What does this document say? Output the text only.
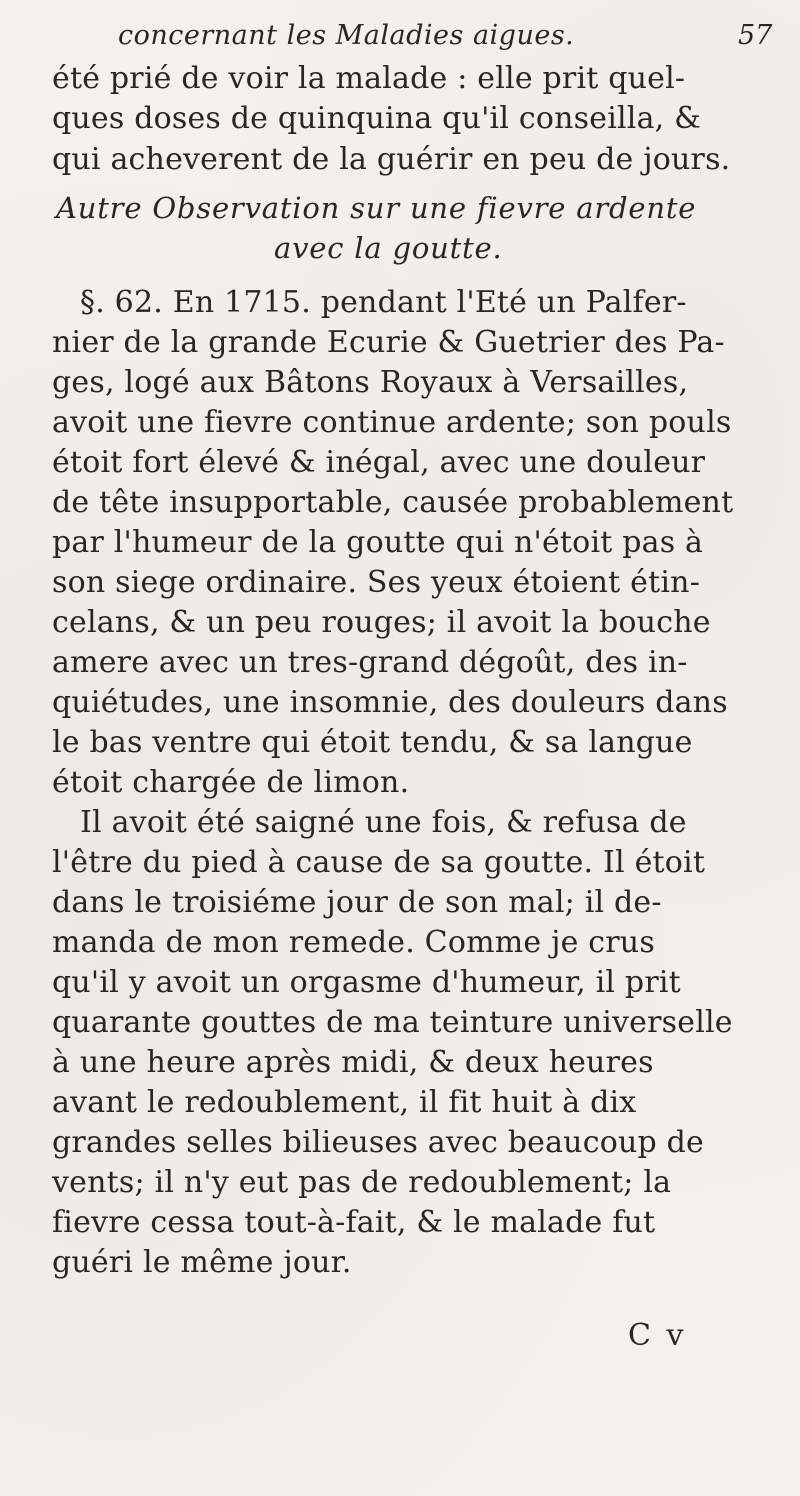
concernant les Maladies aigues.	57
été prié de voir la malade : elle prit quel-
ques doses de quinquina qu'il conseilla, &
qui acheverent de la guérir en peu de jours.
Autre Observation sur une fievre ardente
avec la goutte.
§. 62. En 1715. pendant l'Eté un Palfer-
nier de la grande Ecurie & Guetrier des Pa-
ges, logé aux Bâtons Royaux à Versailles,
avoit une fievre continue ardente; son pouls
étoit fort élevé & inégal, avec une douleur
de tête insupportable, causée probablement
par l'humeur de la goutte qui n'étoit pas à
son siege ordinaire. Ses yeux étoient étin-
celans, & un peu rouges; il avoit la bouche
amere avec un tres-grand dégoût, des in-
quiétudes, une insomnie, des douleurs dans
le bas ventre qui étoit tendu, & sa langue
étoit chargée de limon.
Il avoit été saigné une fois, & refusa de
l'être du pied à cause de sa goutte. Il étoit
dans le troisiéme jour de son mal; il de-
manda de mon remede. Comme je crus
qu'il y avoit un orgasme d'humeur, il prit
quarante gouttes de ma teinture universelle
à une heure après midi, & deux heures
avant le redoublement, il fit huit à dix
grandes selles bilieuses avec beaucoup de
vents; il n'y eut pas de redoublement; la
fievre cessa tout-à-fait, & le malade fut
guéri le même jour.
C v
